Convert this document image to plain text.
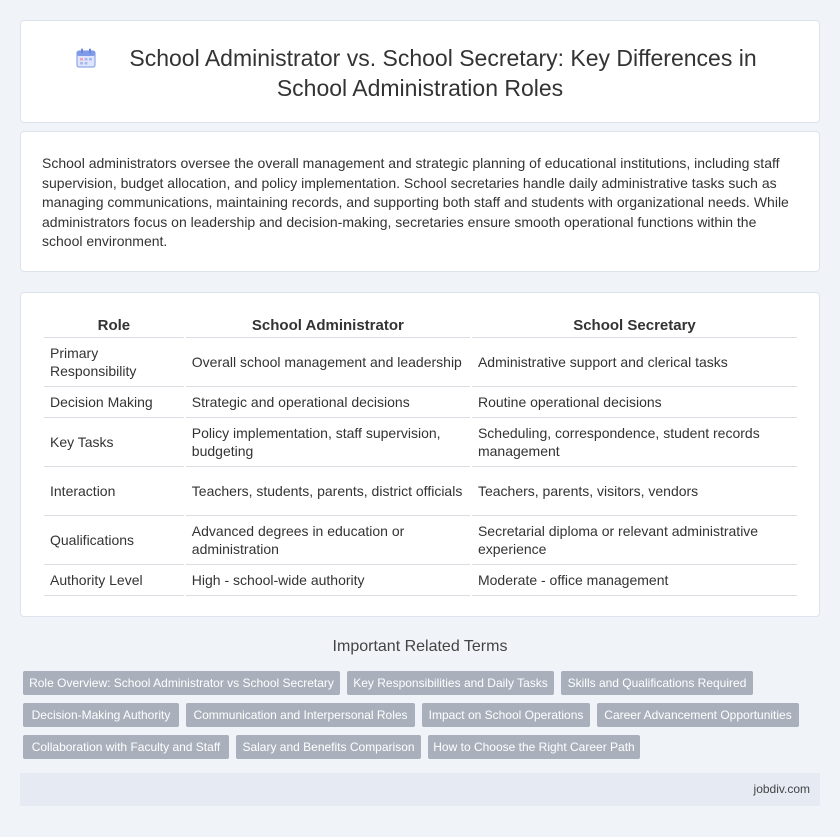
School Administrator vs. School Secretary: Key Differences in
School Administration Roles

School administrators oversee the overall management and strategic planning of educational institutions, including staff supervision, budget allocation, and policy implementation. School secretaries handle daily administrative tasks such as managing communications, maintaining records, and supporting both staff and students with organizational needs. While administrators focus on leadership and decision-making, secretaries ensure smooth operational functions within the school environment.

Role	School Administrator	School Secretary
Primary Responsibility	Overall school management and leadership	Administrative support and clerical tasks
Decision Making	Strategic and operational decisions	Routine operational decisions
Key Tasks	Policy implementation, staff supervision, budgeting	Scheduling, correspondence, student records management
Interaction	Teachers, students, parents, district officials	Teachers, parents, visitors, vendors
Qualifications	Advanced degrees in education or administration	Secretarial diploma or relevant administrative experience
Authority Level	High - school-wide authority	Moderate - office management
Important Related Terms
Role Overview: School Administrator vs School Secretary	Key Responsibilities and Daily Tasks	Skills and Qualifications Required
Decision-Making Authority	Communication and Interpersonal Roles	Impact on School Operations	Career Advancement Opportunities
Collaboration with Faculty and Staff	Salary and Benefits Comparison	How to Choose the Right Career Path
jobdiv.com
